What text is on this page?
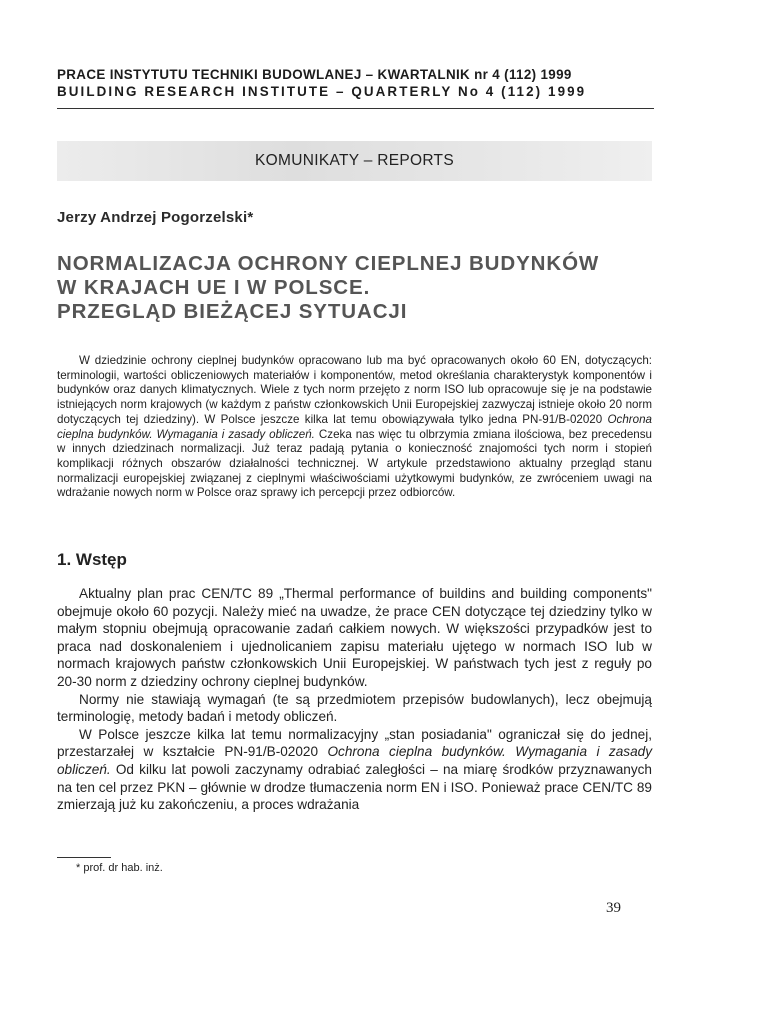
PRACE INSTYTUTU TECHNIKI BUDOWLANEJ – KWARTALNIK nr 4 (112) 1999
BUILDING RESEARCH INSTITUTE – QUARTERLY No 4 (112) 1999
KOMUNIKATY – REPORTS
Jerzy Andrzej Pogorzelski*
NORMALIZACJA OCHRONY CIEPLNEJ BUDYNKÓW
W KRAJACH UE I W POLSCE.
PRZEGLĄD BIEŻĄCEJ SYTUACJI
W dziedzinie ochrony cieplnej budynków opracowano lub ma być opracowanych około 60 EN, dotyczących: terminologii, wartości obliczeniowych materiałów i komponentów, metod określania charakterystyk komponentów i budynków oraz danych klimatycznych. Wiele z tych norm przejęto z norm ISO lub opracowuje się je na podstawie istniejących norm krajowych (w każdym z państw członkowskich Unii Europejskiej zazwyczaj istnieje około 20 norm dotyczących tej dziedziny). W Polsce jeszcze kilka lat temu obowiązywała tylko jedna PN-91/B-02020 Ochrona cieplna budynków. Wymagania i zasady obliczeń. Czeka nas więc tu olbrzymia zmiana ilościowa, bez precedensu w innych dziedzinach normalizacji. Już teraz padają pytania o konieczność znajomości tych norm i stopień komplikacji różnych obszarów działalności technicznej. W artykule przedstawiono aktualny przegląd stanu normalizacji europejskiej związanej z cieplnymi właściwościami użytkowymi budynków, ze zwróceniem uwagi na wdrażanie nowych norm w Polsce oraz sprawy ich percepcji przez odbiorców.
1. Wstęp

Aktualny plan prac CEN/TC 89 „Thermal performance of buildins and building components" obejmuje około 60 pozycji. Należy mieć na uwadze, że prace CEN dotyczące tej dziedziny tylko w małym stopniu obejmują opracowanie zadań całkiem nowych. W większości przypadków jest to praca nad doskonaleniem i ujednolicaniem zapisu materiału ujętego w normach ISO lub w normach krajowych państw członkowskich Unii Europejskiej. W państwach tych jest z reguły po 20-30 norm z dziedziny ochrony cieplnej budynków.

Normy nie stawiają wymagań (te są przedmiotem przepisów budowlanych), lecz obejmują terminologię, metody badań i metody obliczeń.

W Polsce jeszcze kilka lat temu normalizacyjny „stan posiadania" ograniczał się do jednej, przestarzałej w kształcie PN-91/B-02020 Ochrona cieplna budynków. Wymagania i zasady obliczeń. Od kilku lat powoli zaczynamy odrabiać zaległości – na miarę środków przyznawanych na ten cel przez PKN – głównie w drodze tłumaczenia norm EN i ISO. Ponieważ prace CEN/TC 89 zmierzają już ku zakończeniu, a proces wdrażania

* prof. dr hab. inż.
39
